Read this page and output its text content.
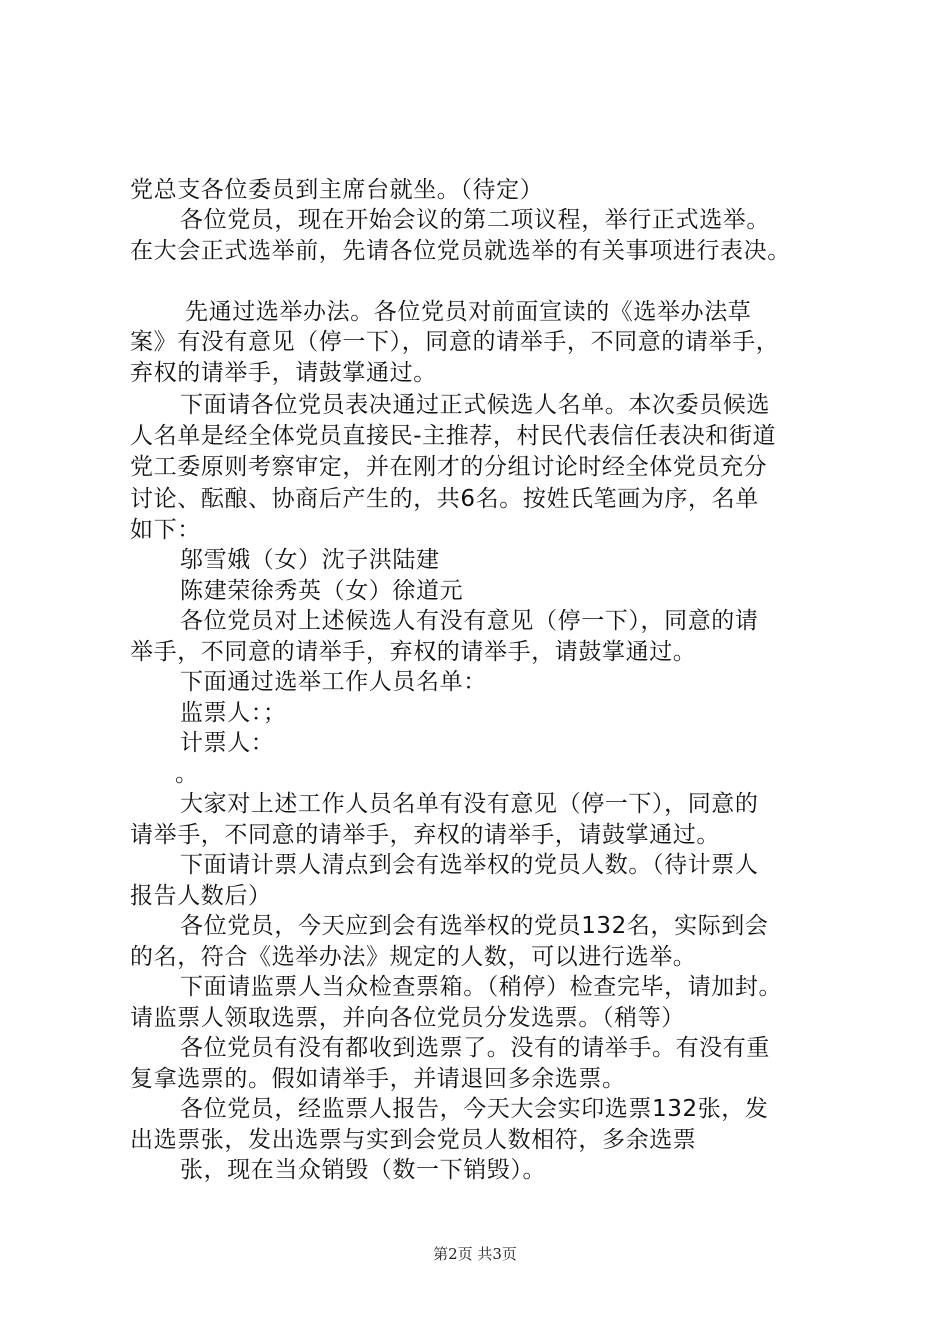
党总支各位委员到主席台就坐。（待定）
各位党员，现在开始会议的第二项议程，举行正式选举。
在大会正式选举前，先请各位党员就选举的有关事项进行表决。
先通过选举办法。各位党员对前面宣读的《选举办法草
案》有没有意见（停一下），同意的请举手，不同意的请举手，
弃权的请举手，请鼓掌通过。
下面请各位党员表决通过正式候选人名单。本次委员候选
人名单是经全体党员直接民-主推荐，村民代表信任表决和街道
党工委原则考察审定，并在刚才的分组讨论时经全体党员充分
讨论、酝酿、协商后产生的，共6名。按姓氏笔画为序，名单
如下：
邬雪娥（女）沈子洪陆建
陈建荣徐秀英（女）徐道元
各位党员对上述候选人有没有意见（停一下），同意的请
举手，不同意的请举手，弃权的请举手，请鼓掌通过。
下面通过选举工作人员名单：
监票人：；
计票人：
。
大家对上述工作人员名单有没有意见（停一下），同意的
请举手，不同意的请举手，弃权的请举手，请鼓掌通过。
下面请计票人清点到会有选举权的党员人数。（待计票人
报告人数后）
各位党员，今天应到会有选举权的党员132名，实际到会
的名，符合《选举办法》规定的人数，可以进行选举。
下面请监票人当众检查票箱。（稍停）检查完毕，请加封。
请监票人领取选票，并向各位党员分发选票。（稍等）
各位党员有没有都收到选票了。没有的请举手。有没有重
复拿选票的。假如请举手，并请退回多余选票。
各位党员，经监票人报告，今天大会实印选票132张，发
出选票张，发出选票与实到会党员人数相符，多余选票
张，现在当众销毁（数一下销毁）。
第2页 共3页
